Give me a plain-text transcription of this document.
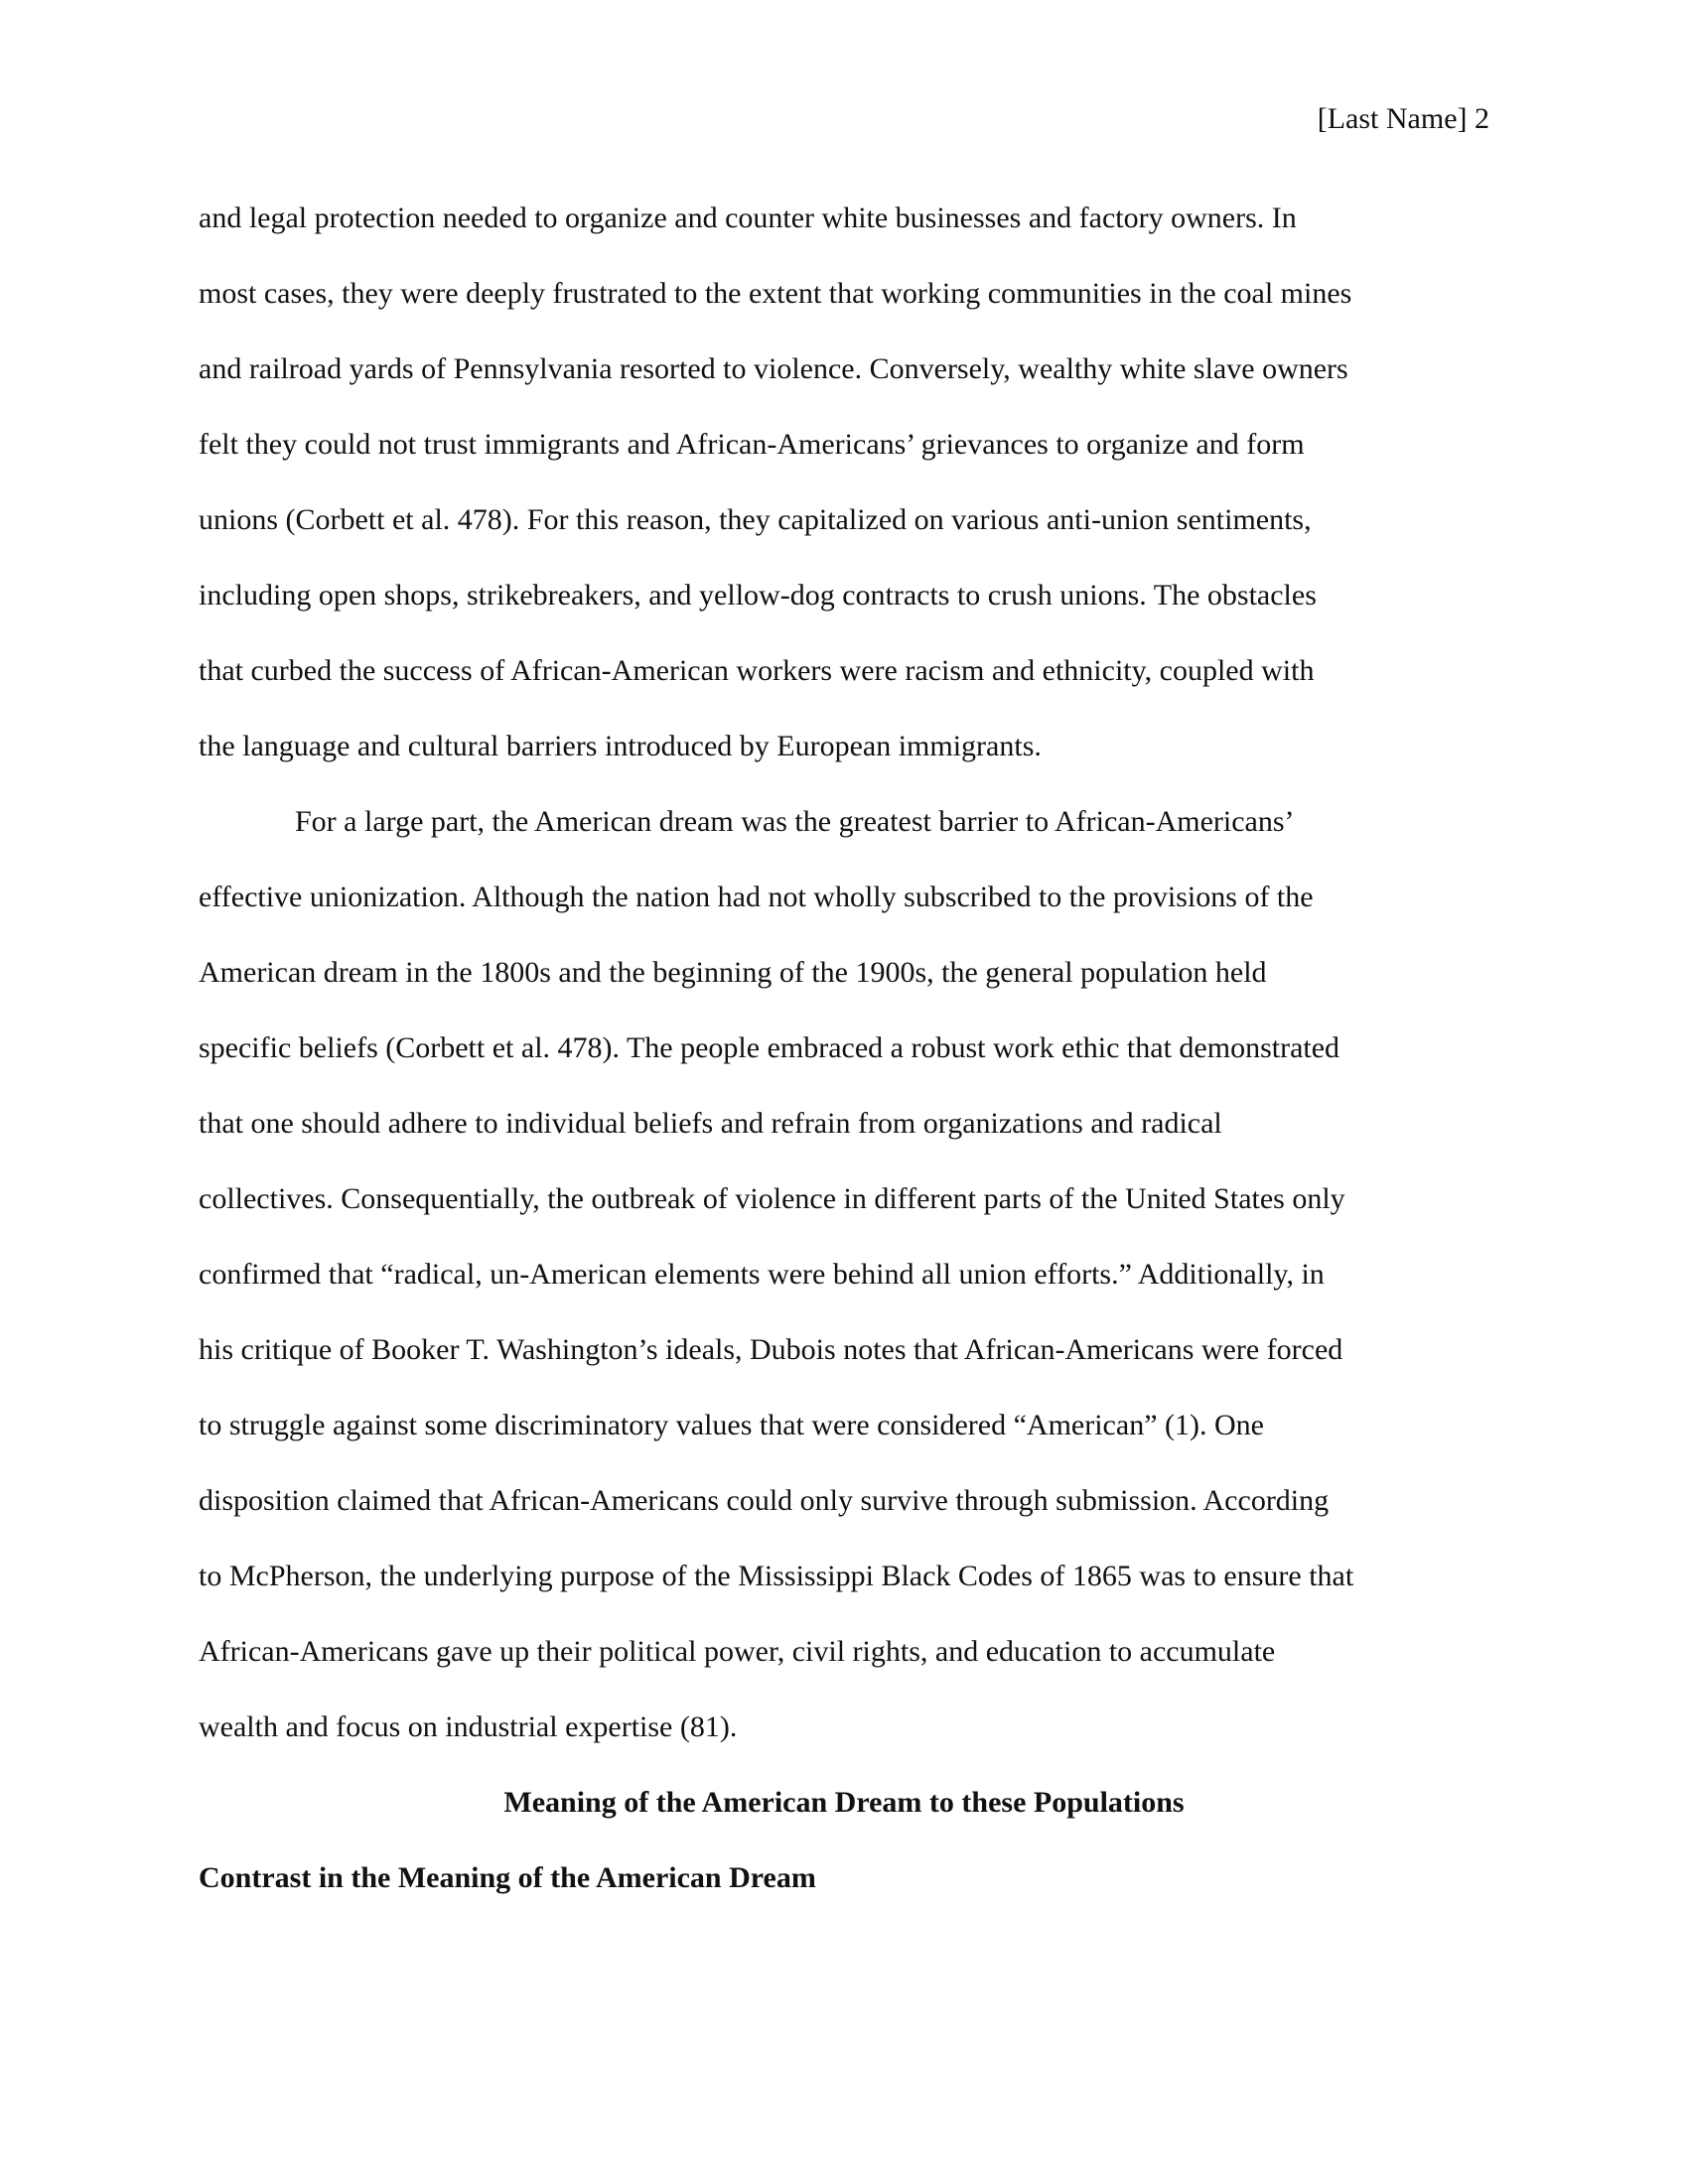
[Last Name] 2
and legal protection needed to organize and counter white businesses and factory owners. In
most cases, they were deeply frustrated to the extent that working communities in the coal mines
and railroad yards of Pennsylvania resorted to violence. Conversely, wealthy white slave owners
felt they could not trust immigrants and African-Americans’ grievances to organize and form
unions (Corbett et al. 478). For this reason, they capitalized on various anti-union sentiments,
including open shops, strikebreakers, and yellow-dog contracts to crush unions. The obstacles
that curbed the success of African-American workers were racism and ethnicity, coupled with
the language and cultural barriers introduced by European immigrants.
For a large part, the American dream was the greatest barrier to African-Americans’
effective unionization. Although the nation had not wholly subscribed to the provisions of the
American dream in the 1800s and the beginning of the 1900s, the general population held
specific beliefs (Corbett et al. 478). The people embraced a robust work ethic that demonstrated
that one should adhere to individual beliefs and refrain from organizations and radical
collectives. Consequentially, the outbreak of violence in different parts of the United States only
confirmed that “radical, un-American elements were behind all union efforts.” Additionally, in
his critique of Booker T. Washington’s ideals, Dubois notes that African-Americans were forced
to struggle against some discriminatory values that were considered “American” (1). One
disposition claimed that African-Americans could only survive through submission. According
to McPherson, the underlying purpose of the Mississippi Black Codes of 1865 was to ensure that
African-Americans gave up their political power, civil rights, and education to accumulate
wealth and focus on industrial expertise (81).
Meaning of the American Dream to these Populations
Contrast in the Meaning of the American Dream
